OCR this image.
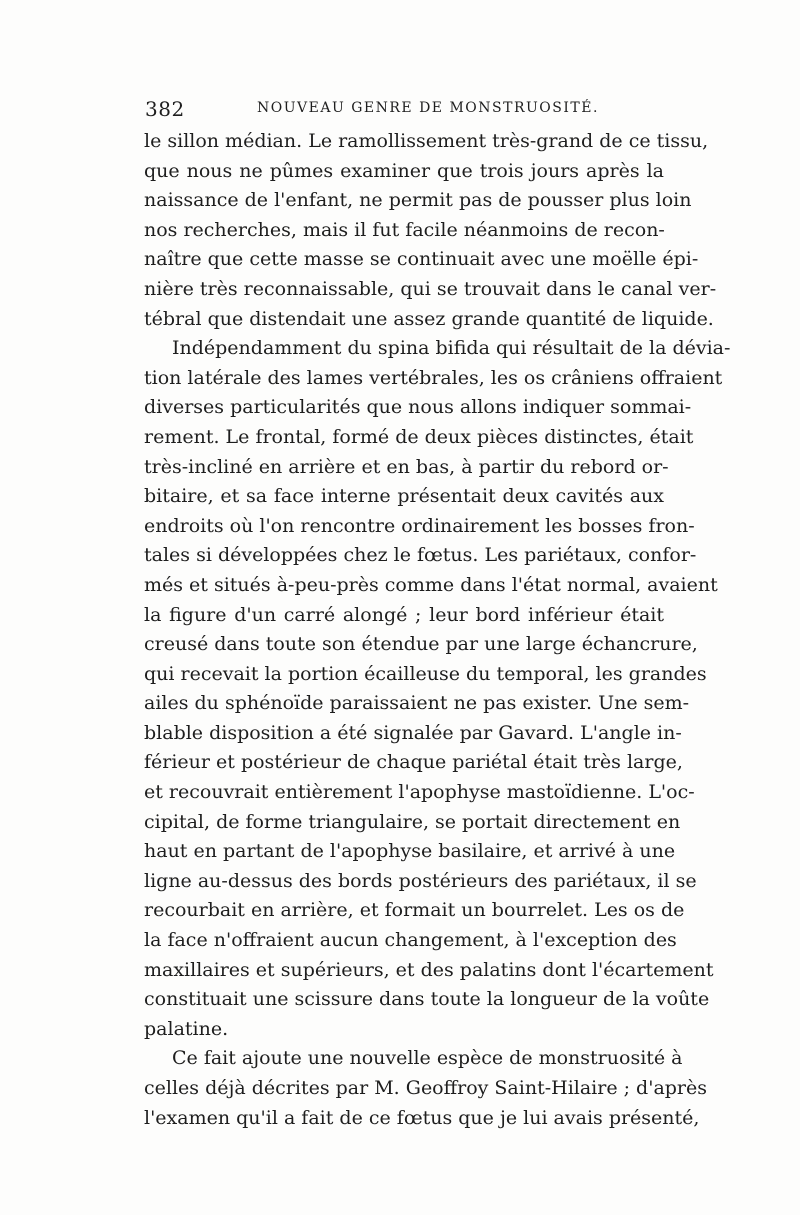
382	NOUVEAU GENRE DE MONSTRUOSITÉ.
le sillon médian. Le ramollissement très-grand de ce tissu,
que nous ne pûmes examiner que trois jours après la
naissance de l'enfant, ne permit pas de pousser plus loin
nos recherches, mais il fut facile néanmoins de recon-
naître que cette masse se continuait avec une moëlle épi-
nière très reconnaissable, qui se trouvait dans le canal ver-
tébral que distendait une assez grande quantité de liquide.
Indépendamment du spina bifida qui résultait de la dévia-
tion latérale des lames vertébrales, les os crâniens offraient
diverses particularités que nous allons indiquer sommai-
rement. Le frontal, formé de deux pièces distinctes, était
très-incliné en arrière et en bas, à partir du rebord or-
bitaire, et sa face interne présentait deux cavités aux
endroits où l'on rencontre ordinairement les bosses fron-
tales si développées chez le fœtus. Les pariétaux, confor-
més et situés à-peu-près comme dans l'état normal, avaient
la figure d'un carré alongé ; leur bord inférieur était
creusé dans toute son étendue par une large échancrure,
qui recevait la portion écailleuse du temporal, les grandes
ailes du sphénoïde paraissaient ne pas exister. Une sem-
blable disposition a été signalée par Gavard. L'angle in-
férieur et postérieur de chaque pariétal était très large,
et recouvrait entièrement l'apophyse mastoïdienne. L'oc-
cipital, de forme triangulaire, se portait directement en
haut en partant de l'apophyse basilaire, et arrivé à une
ligne au-dessus des bords postérieurs des pariétaux, il se
recourbait en arrière, et formait un bourrelet. Les os de
la face n'offraient aucun changement, à l'exception des
maxillaires et supérieurs, et des palatins dont l'écartement
constituait une scissure dans toute la longueur de la voûte
palatine.
Ce fait ajoute une nouvelle espèce de monstruosité à
celles déjà décrites par M. Geoffroy Saint-Hilaire ; d'après
l'examen qu'il a fait de ce fœtus que je lui avais présenté,
